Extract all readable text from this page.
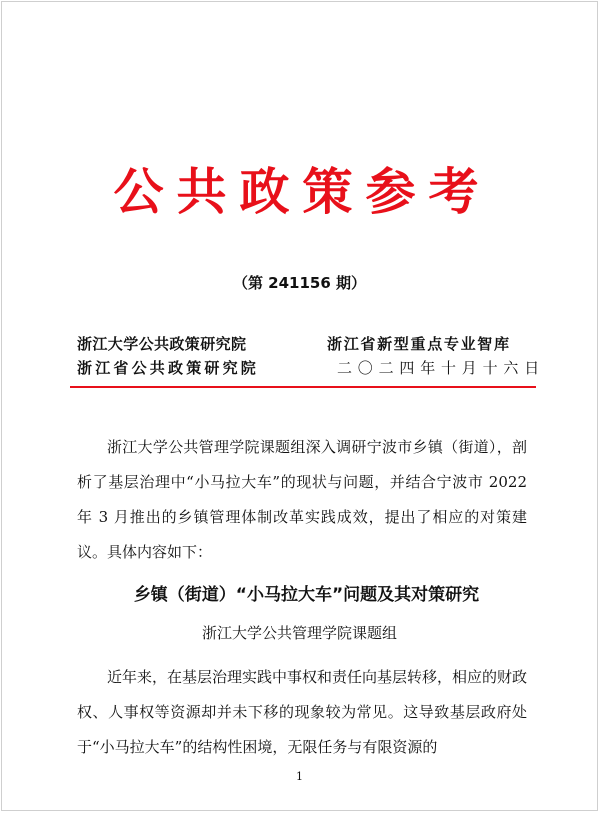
公共政策参考
（第 241156 期）
浙江大学公共政策研究院
浙江省公共政策研究院
浙江省新型重点专业智库
二〇二四年十月十六日
浙江大学公共管理学院课题组深入调研宁波市乡镇（街道），剖析了基层治理中“小马拉大车”的现状与问题，并结合宁波市 2022 年 3 月推出的乡镇管理体制改革实践成效，提出了相应的对策建议。具体内容如下：
乡镇（街道）“小马拉大车”问题及其对策研究
浙江大学公共管理学院课题组
近年来，在基层治理实践中事权和责任向基层转移，相应的财政权、人事权等资源却并未下移的现象较为常见。这导致基层政府处于“小马拉大车”的结构性困境，无限任务与有限资源的
1
